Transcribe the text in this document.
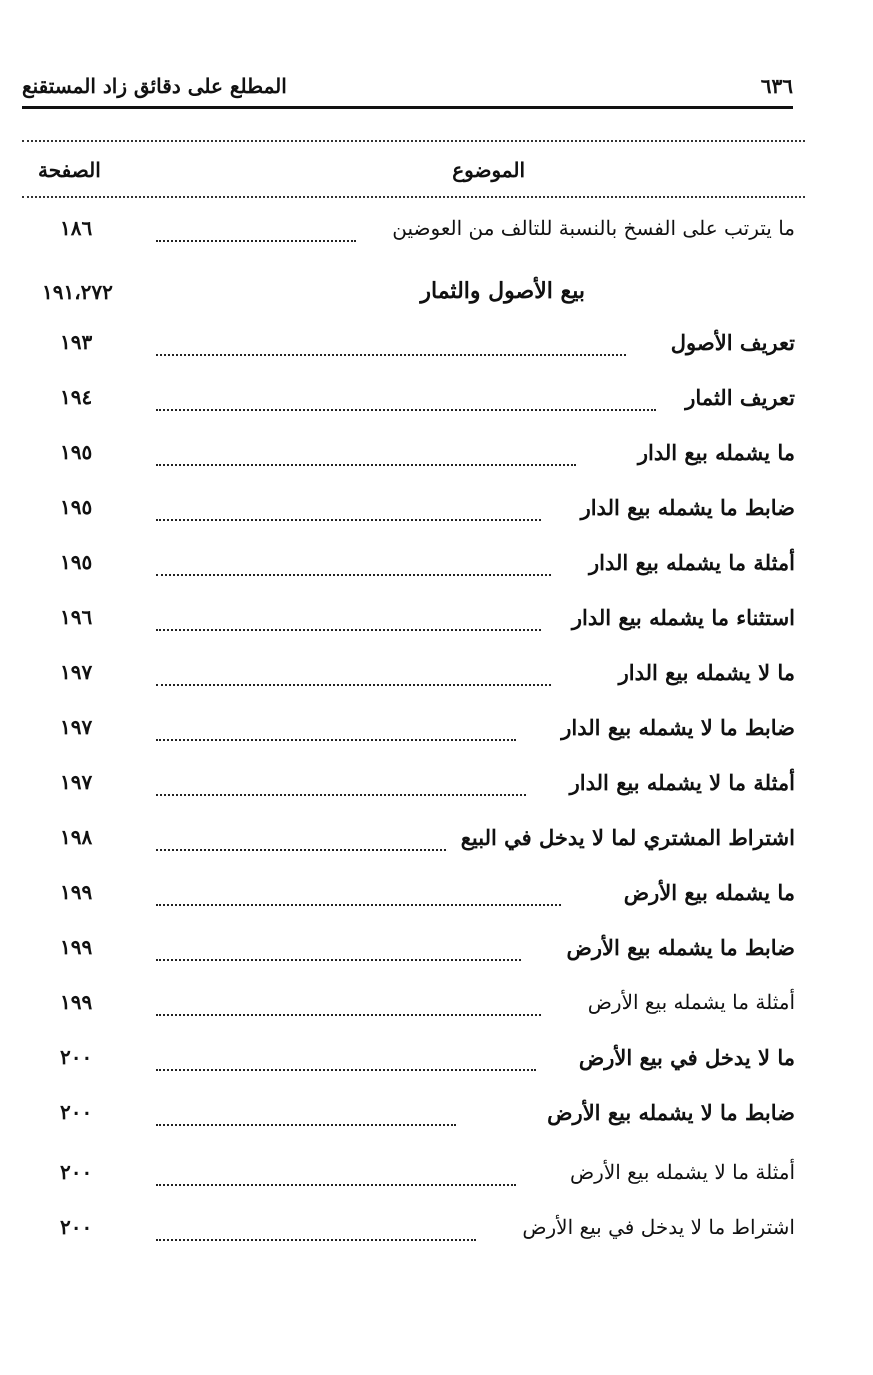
٦٣٦
المطلع على دقائق زاد المستقنع
الموضوع
الصفحة
ما يترتب على الفسخ بالنسبة للتالف من العوضين
١٨٦
بيع الأصول والثمار
١٩١،٢٧٢
تعريف الأصول
١٩٣
تعريف الثمار
١٩٤
ما يشمله بيع الدار
١٩٥
ضابط ما يشمله بيع الدار
١٩٥
أمثلة ما يشمله بيع الدار
١٩٥
استثناء ما يشمله بيع الدار
١٩٦
ما لا يشمله بيع الدار
١٩٧
ضابط ما لا يشمله بيع الدار
١٩٧
أمثلة ما لا يشمله بيع الدار
١٩٧
اشتراط المشتري لما لا يدخل في البيع
١٩٨
ما يشمله بيع الأرض
١٩٩
ضابط ما يشمله بيع الأرض
١٩٩
أمثلة ما يشمله بيع الأرض
١٩٩
ما لا يدخل في بيع الأرض
٢٠٠
ضابط ما لا يشمله بيع الأرض
٢٠٠
أمثلة ما لا يشمله بيع الأرض
٢٠٠
اشتراط ما لا يدخل في بيع الأرض
٢٠٠
